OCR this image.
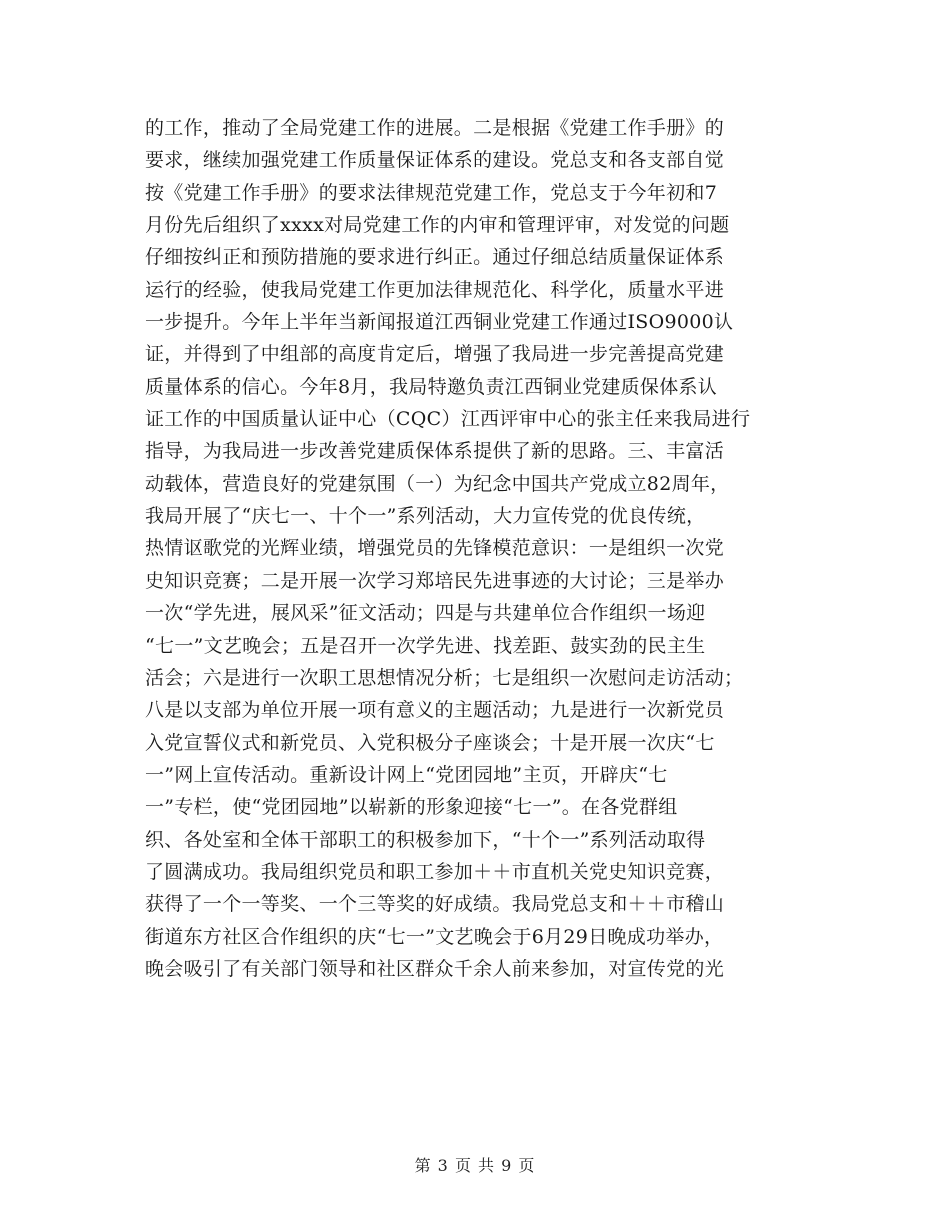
的工作，推动了全局党建工作的进展。二是根据《党建工作手册》的
要求，继续加强党建工作质量保证体系的建设。党总支和各支部自觉
按《党建工作手册》的要求法律规范党建工作，党总支于今年初和7
月份先后组织了xxxx对局党建工作的内审和管理评审，对发觉的问题
仔细按纠正和预防措施的要求进行纠正。通过仔细总结质量保证体系
运行的经验，使我局党建工作更加法律规范化、科学化，质量水平进
一步提升。今年上半年当新闻报道江西铜业党建工作通过ISO9000认
证，并得到了中组部的高度肯定后，增强了我局进一步完善提高党建
质量体系的信心。今年8月，我局特邀负责江西铜业党建质保体系认
证工作的中国质量认证中心（CQC）江西评审中心的张主任来我局进行
指导，为我局进一步改善党建质保体系提供了新的思路。三、丰富活
动载体，营造良好的党建氛围（一）为纪念中国共产党成立82周年，
我局开展了“庆七一、十个一”系列活动，大力宣传党的优良传统，
热情讴歌党的光辉业绩，增强党员的先锋模范意识：一是组织一次党
史知识竞赛；二是开展一次学习郑培民先进事迹的大讨论；三是举办
一次“学先进，展风采”征文活动；四是与共建单位合作组织一场迎
“七一”文艺晚会；五是召开一次学先进、找差距、鼓实劲的民主生
活会；六是进行一次职工思想情况分析；七是组织一次慰问走访活动；
八是以支部为单位开展一项有意义的主题活动；九是进行一次新党员
入党宣誓仪式和新党员、入党积极分子座谈会；十是开展一次庆“七
一”网上宣传活动。重新设计网上“党团园地”主页，开辟庆“七
一”专栏，使“党团园地”以崭新的形象迎接“七一”。在各党群组
织、各处室和全体干部职工的积极参加下，“十个一”系列活动取得
了圆满成功。我局组织党员和职工参加＋＋市直机关党史知识竞赛，
获得了一个一等奖、一个三等奖的好成绩。我局党总支和＋＋市稽山
街道东方社区合作组织的庆“七一”文艺晚会于6月29日晚成功举办，
晚会吸引了有关部门领导和社区群众千余人前来参加，对宣传党的光
第 3 页 共 9 页
